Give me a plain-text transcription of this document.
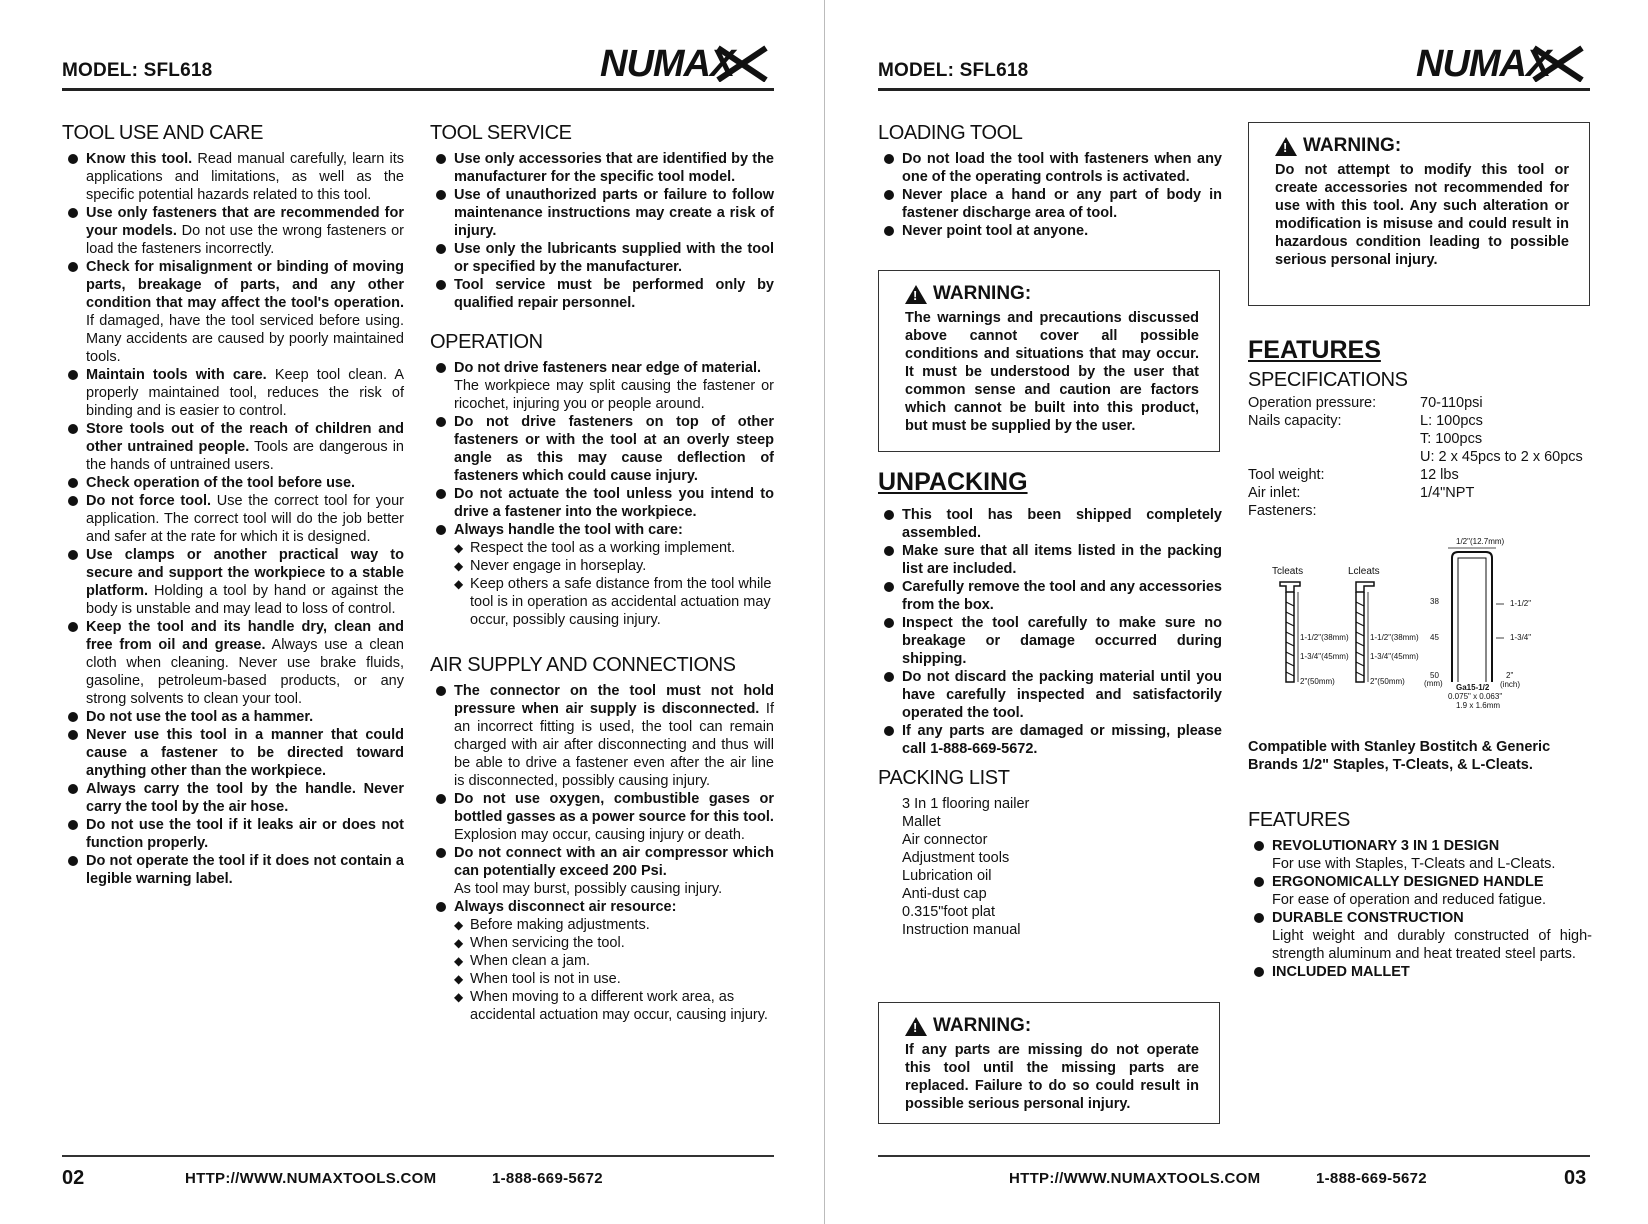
MODEL: SFL618	NUMAX
TOOL USE AND CARE
Know this tool. Read manual carefully, learn its applications and limitations, as well as the specific potential hazards related to this tool.
Use only fasteners that are recommended for your models. Do not use the wrong fasteners or load the fasteners incorrectly.
Check for misalignment or binding of moving parts, breakage of parts, and any other condition that may affect the tool's operation. If damaged, have the tool serviced before using. Many accidents are caused by poorly maintained tools.
Maintain tools with care. Keep tool clean. A properly maintained tool, reduces the risk of binding and is easier to control.
Store tools out of the reach of children and other untrained people. Tools are dangerous in the hands of untrained users.
Check operation of the tool before use.
Do not force tool. Use the correct tool for your application. The correct tool will do the job better and safer at the rate for which it is designed.
Use clamps or another practical way to secure and support the workpiece to a stable platform. Holding a tool by hand or against the body is unstable and may lead to loss of control.
Keep the tool and its handle dry, clean and free from oil and grease. Always use a clean cloth when cleaning. Never use brake fluids, gasoline, petroleum-based products, or any strong solvents to clean your tool.
Do not use the tool as a hammer.
Never use this tool in a manner that could cause a fastener to be directed toward anything other than the workpiece.
Always carry the tool by the handle. Never carry the tool by the air hose.
Do not use the tool if it leaks air or does not function properly.
Do not operate the tool if it does not contain a legible warning label.
TOOL SERVICE
Use only accessories that are identified by the manufacturer for the specific tool model.
Use of unauthorized parts or failure to follow maintenance instructions may create a risk of injury.
Use only the lubricants supplied with the tool or specified by the manufacturer.
Tool service must be performed only by qualified repair personnel.
OPERATION
Do not drive fasteners near edge of material.
The workpiece may split causing the fastener or ricochet, injuring you or people around.
Do not drive fasteners on top of other fasteners or with the tool at an overly steep angle as this may cause deflection of fasteners which could cause injury.
Do not actuate the tool unless you intend to drive a fastener into the workpiece.
Always handle the tool with care:
◆ Respect the tool as a working implement.
◆ Never engage in horseplay.
◆ Keep others a safe distance from the tool while tool is in operation as accidental actuation may occur, possibly causing injury.
AIR SUPPLY AND CONNECTIONS
The connector on the tool must not hold pressure when air supply is disconnected. If an incorrect fitting is used, the tool can remain charged with air after disconnecting and thus will be able to drive a fastener even after the air line is disconnected, possibly causing injury.
Do not use oxygen, combustible gases or bottled gasses as a power source for this tool.
Explosion may occur, causing injury or death.
Do not connect with an air compressor which can potentially exceed 200 Psi.
As tool may burst, possibly causing injury.
Always disconnect air resource:
◆ Before making adjustments.
◆ When servicing the tool.
◆ When clean a jam.
◆ When tool is not in use.
◆ When moving to a different work area, as accidental actuation may occur, causing injury.
02	HTTP://WWW.NUMAXTOOLS.COM	1-888-669-5672
MODEL: SFL618	NUMAX
LOADING TOOL
Do not load the tool with fasteners when any one of the operating controls is activated.
Never place a hand or any part of body in fastener discharge area of tool.
Never point tool at anyone.
!
WARNING:
The warnings and precautions discussed above cannot cover all possible conditions and situations that may occur. It must be understood by the user that common sense and caution are factors which cannot be built into this product, but must be supplied by the user.
UNPACKING
This tool has been shipped completely assembled.
Make sure that all items listed in the packing list are included.
Carefully remove the tool and any accessories from the box.
Inspect the tool carefully to make sure no breakage or damage occurred during shipping.
Do not discard the packing material until you have carefully inspected and satisfactorily operated the tool.
If any parts are damaged or missing, please call 1-888-669-5672.
PACKING LIST
3 In 1 flooring nailer
Mallet
Air connector
Adjustment tools
Lubrication oil
Anti-dust cap
0.315"foot plat
Instruction manual
!
WARNING:
If any parts are missing do not operate this tool until the missing parts are replaced. Failure to do so could result in possible serious personal injury.
!
WARNING:
Do not attempt to modify this tool or create accessories not recommended for use with this tool. Any such alteration or modification is misuse and could result in hazardous condition leading to possible serious personal injury.
FEATURES
SPECIFICATIONS
Operation pressure:	70-110psi
Nails capacity:	L: 100pcs
T: 100pcs
U: 2 x 45pcs to 2 x 60pcs
Tool weight:	12 lbs
Air inlet:	1/4"NPT
Fasteners:
Tcleats
1-1/2"(38mm)
1-3/4"(45mm)
2"(50mm)
Lcleats
1-1/2"(38mm)
1-3/4"(45mm)
2"(50mm)
1/2"(12.7mm)
38
45
50
(mm)
1-1/2"
1-3/4"
2"
(inch)
Ga15-1/2
0.075" x 0.063"
1.9 x 1.6mm
Compatible with Stanley Bostitch & Generic Brands 1/2" Staples, T-Cleats, & L-Cleats.
FEATURES
REVOLUTIONARY 3 IN 1 DESIGN
For use with Staples, T-Cleats and L-Cleats.
ERGONOMICALLY DESIGNED HANDLE
For ease of operation and reduced fatigue.
DURABLE CONSTRUCTION
Light weight and durably constructed of high-strength aluminum and heat treated steel parts.
INCLUDED MALLET
HTTP://WWW.NUMAXTOOLS.COM	1-888-669-5672	03
